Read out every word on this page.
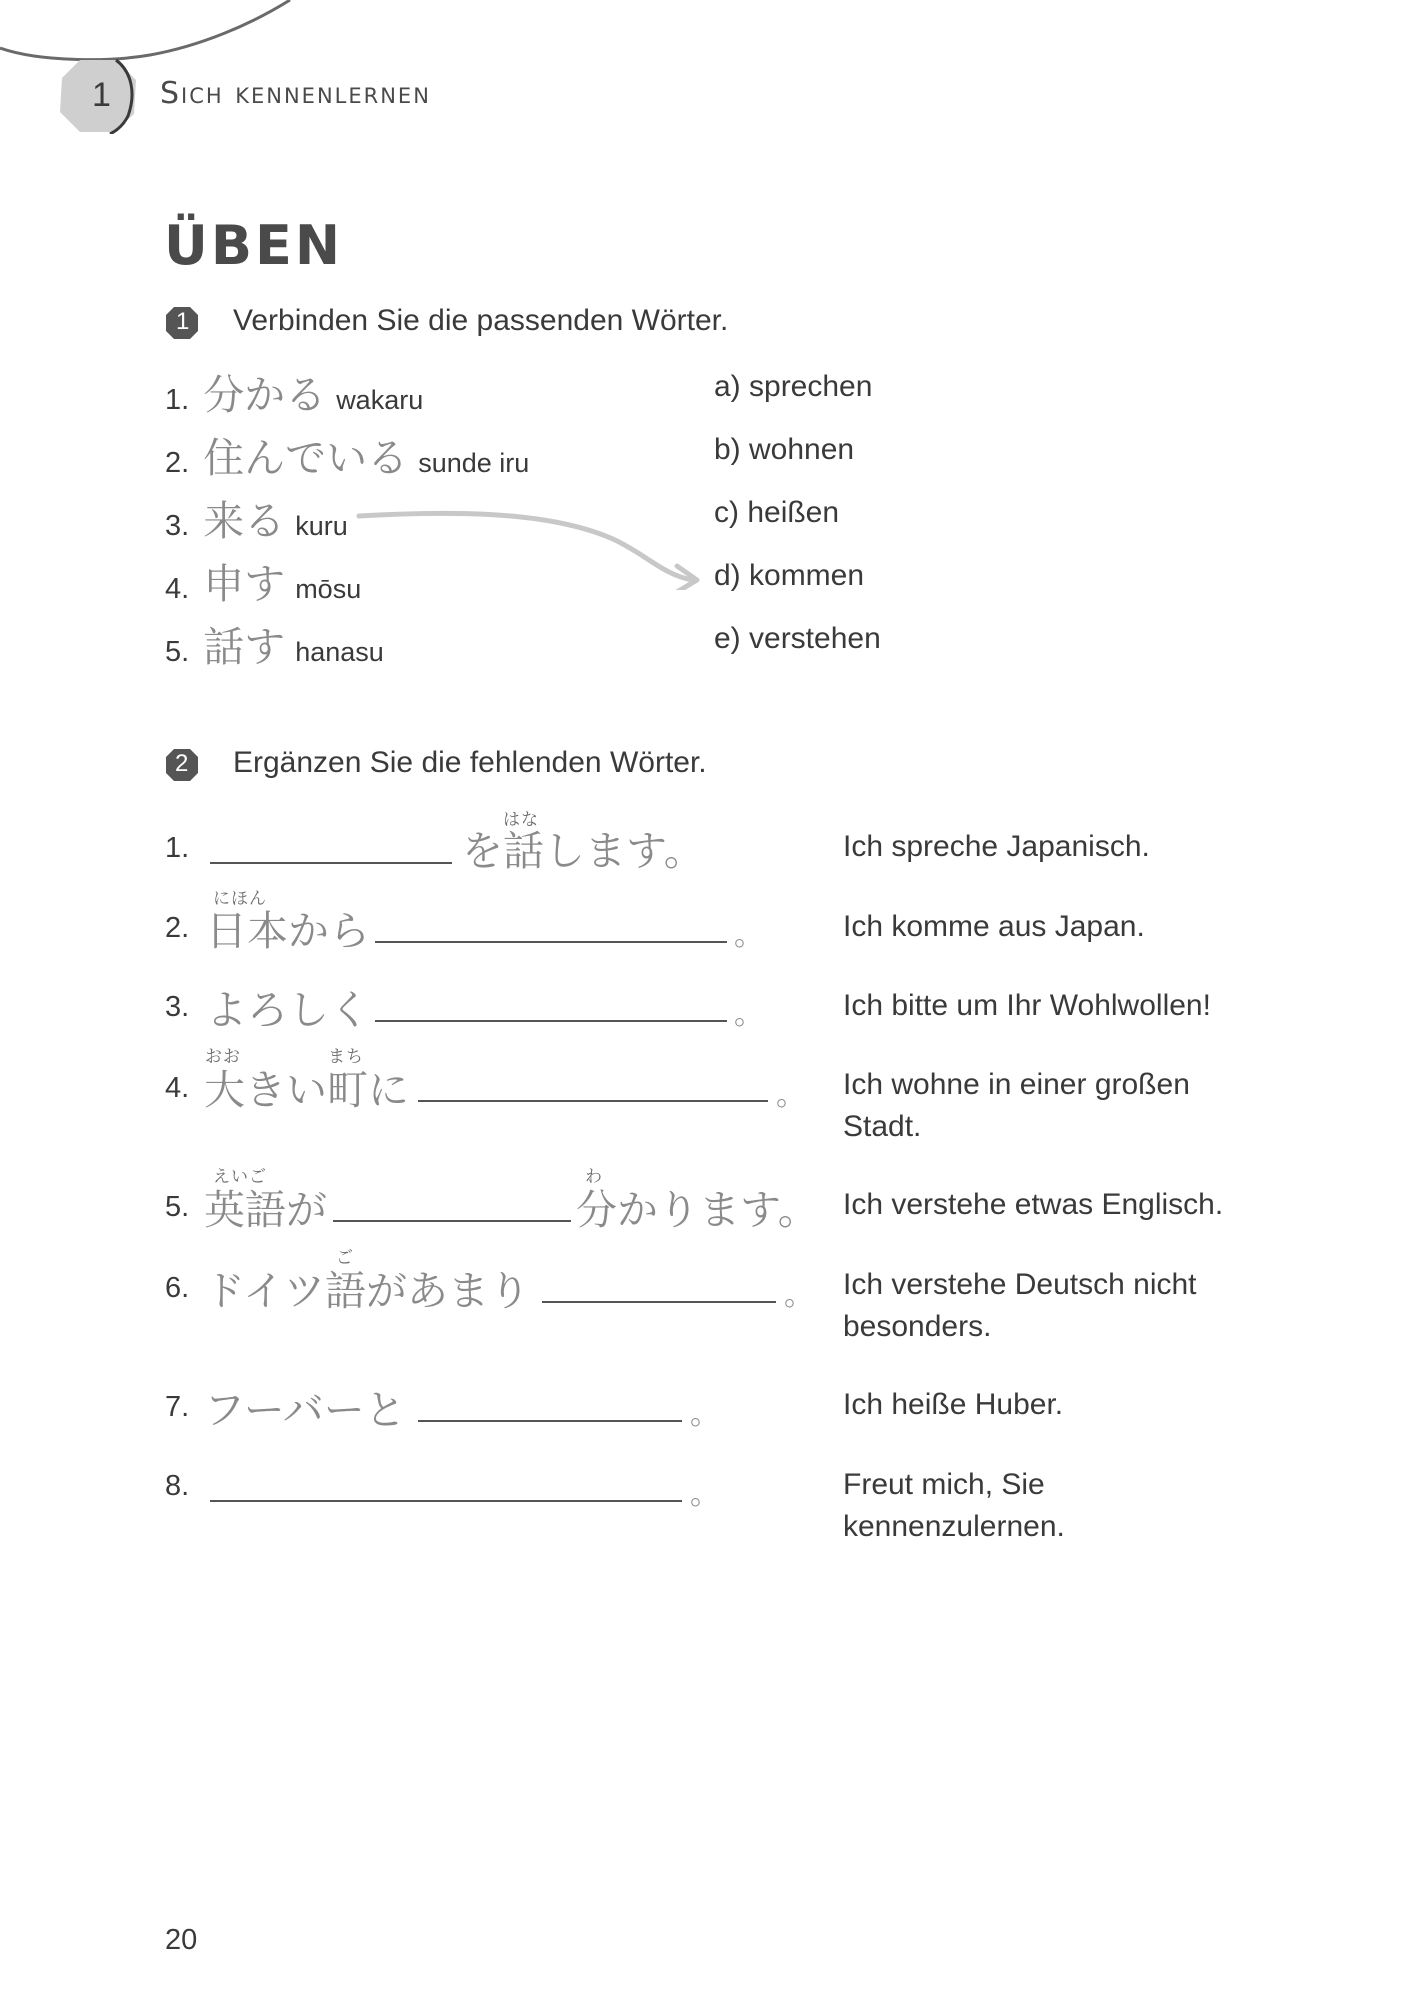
1 Sich kennenlernen
ÜBEN
1 Verbinden Sie die passenden Wörter.
1. 分かる wakaru
2. 住んでいる sunde iru
3. 来る kuru
4. 申す mōsu
5. 話す hanasu
a) sprechen
b) wohnen
c) heißen
d) kommen
e) verstehen
2 Ergänzen Sie die fehlenden Wörter.
1.
はな
を話します。	Ich spreche Japanisch.
2.
にほん
日本から	。	Ich komme aus Japan.
3. よろしく	。	Ich bitte um Ihr Wohlwollen!
4.
おお	まち
大きい町に	。 Ich wohne in einer großen Stadt.
5.
えいご
英語が
わ
分かります。 Ich verstehe etwas Englisch.
6.
ご
ドイツ語があまり	。 Ich verstehe Deutsch nicht besonders.
7. フーバーと	。	Ich heiße Huber.
8.	。	Freut mich, Sie kennenzulernen.
20
